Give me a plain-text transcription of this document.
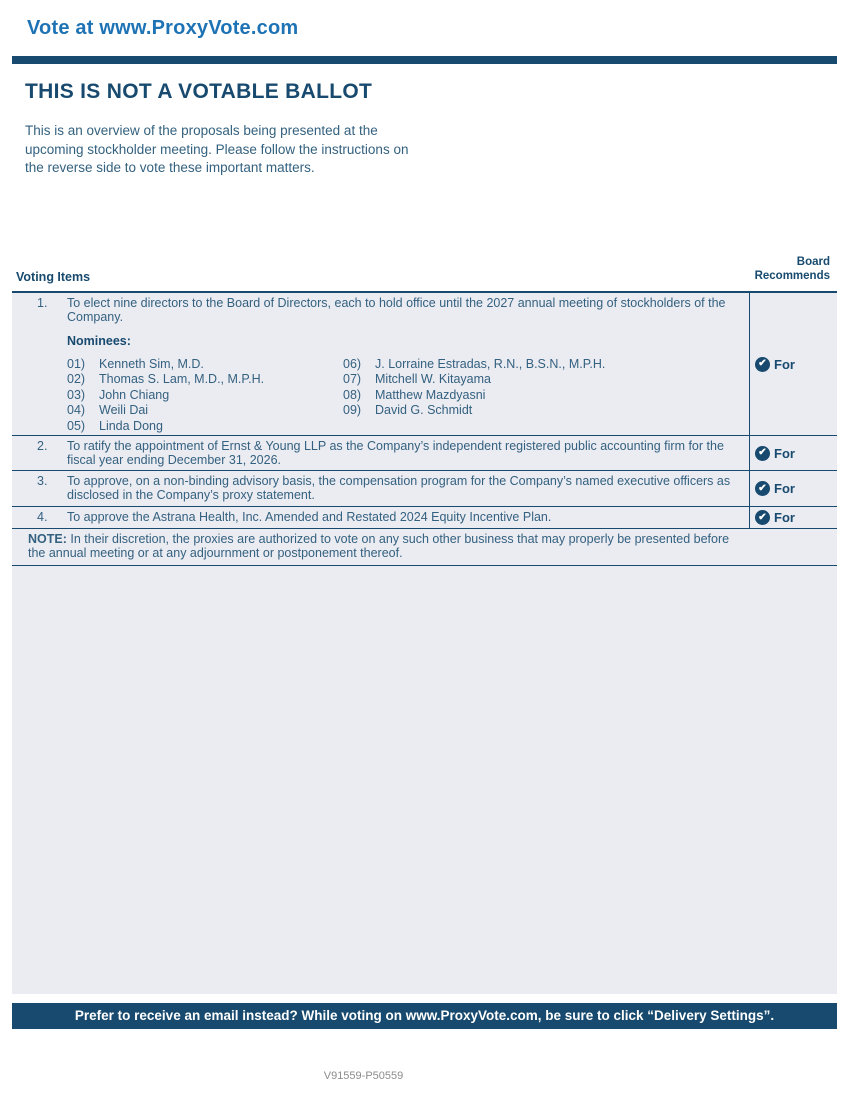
Vote at www.ProxyVote.com
THIS IS NOT A VOTABLE BALLOT
This is an overview of the proposals being presented at the
upcoming stockholder meeting. Please follow the instructions on
the reverse side to vote these important matters.
Voting Items
Board Recommends
1.	To elect nine directors to the Board of Directors, each to hold office until the 2027 annual meeting of stockholders of the Company.
Nominees:
01)	Kenneth Sim, M.D.
02)	Thomas S. Lam, M.D., M.P.H.
03)	John Chiang
04)	Weili Dai
05)	Linda Dong
06)	J. Lorraine Estradas, R.N., B.S.N., M.P.H.
07)	Mitchell W. Kitayama
08)	Matthew Mazdyasni
09)	David G. Schmidt
✔
For
2.	To ratify the appointment of Ernst & Young LLP as the Company’s independent registered public accounting firm for the fiscal year ending December 31, 2026. ✔	For
3.	To approve, on a non-binding advisory basis, the compensation program for the Company’s named executive officers as disclosed in the Company’s proxy statement. ✔	For
4.	To approve the Astrana Health, Inc. Amended and Restated 2024 Equity Incentive Plan. ✔	For
NOTE: In their discretion, the proxies are authorized to vote on any such other business that may properly be presented before the annual meeting or at any adjournment or postponement thereof.
Prefer to receive an email instead? While voting on www.ProxyVote.com, be sure to click “Delivery Settings”.
V91559-P50559
